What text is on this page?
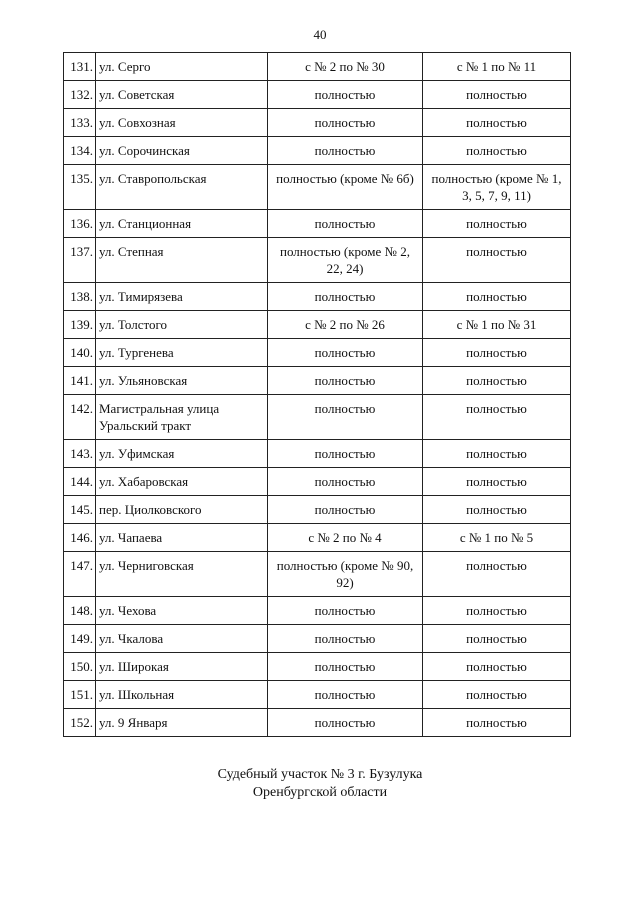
40
131.	ул. Серго	с № 2 по № 30	с № 1 по № 11
132.	ул. Советская	полностью	полностью
133.	ул. Совхозная	полностью	полностью
134.	ул. Сорочинская	полностью	полностью
135.	ул. Ставропольская	полностью (кроме № 6б)	полностью (кроме № 1, 3, 5, 7, 9, 11)
136.	ул. Станционная	полностью	полностью
137.	ул. Степная	полностью (кроме № 2, 22, 24)	полностью
138.	ул. Тимирязева	полностью	полностью
139.	ул. Толстого	с № 2 по № 26	с № 1 по № 31
140.	ул. Тургенева	полностью	полностью
141.	ул. Ульяновская	полностью	полностью
142.	Магистральная улица Уральский тракт	полностью	полностью
143.	ул. Уфимская	полностью	полностью
144.	ул. Хабаровская	полностью	полностью
145.	пер. Циолковского	полностью	полностью
146.	ул. Чапаева	с № 2 по № 4	с № 1 по № 5
147.	ул. Черниговская	полностью (кроме № 90, 92)	полностью
148.	ул. Чехова	полностью	полностью
149.	ул. Чкалова	полностью	полностью
150.	ул. Широкая	полностью	полностью
151.	ул. Школьная	полностью	полностью
152.	ул. 9 Января	полностью	полностью
Судебный участок № 3 г. Бузулука
Оренбургской области
